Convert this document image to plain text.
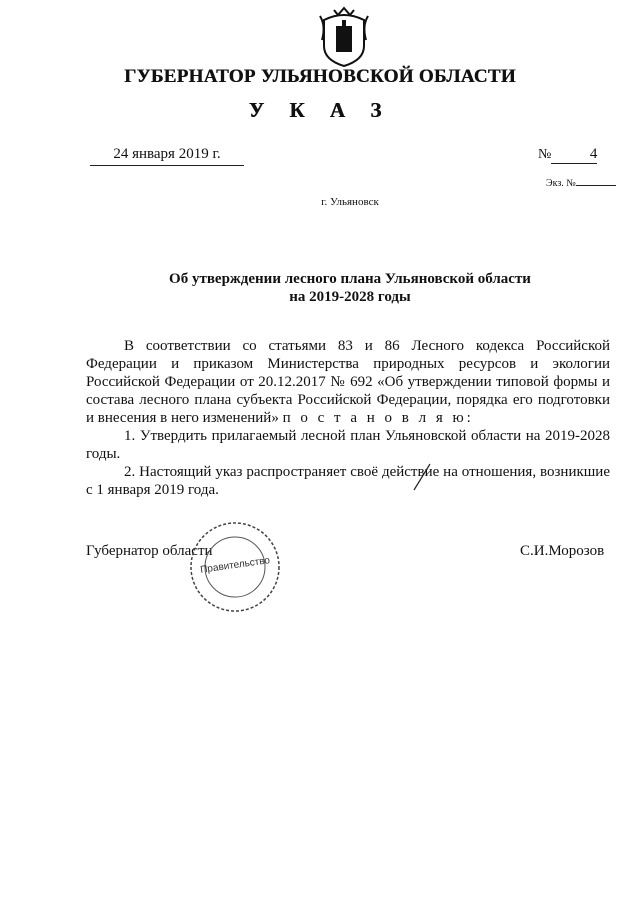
ГУБЕРНАТОР УЛЬЯНОВСКОЙ ОБЛАСТИ
У К А З
24 января 2019 г.	№	4
Экз. №
г. Ульяновск
Об утверждении лесного плана Ульяновской области
на 2019-2028 годы

В соответствии со статьями 83 и 86 Лесного кодекса Российской Федерации и приказом Министерства природных ресурсов и экологии Российской Федерации от 20.12.2017 № 692 «Об утверждении типовой формы и состава лесного плана субъекта Российской Федерации, порядка его подготовки и внесения в него изменений» п о с т а н о в л я ю:

1. Утвердить прилагаемый лесной план Ульяновской области на 2019-2028 годы.

2. Настоящий указ распространяет своё действие на отношения, возникшие с 1 января 2019 года.

Губернатор области	С.И.Морозов
Правительство
